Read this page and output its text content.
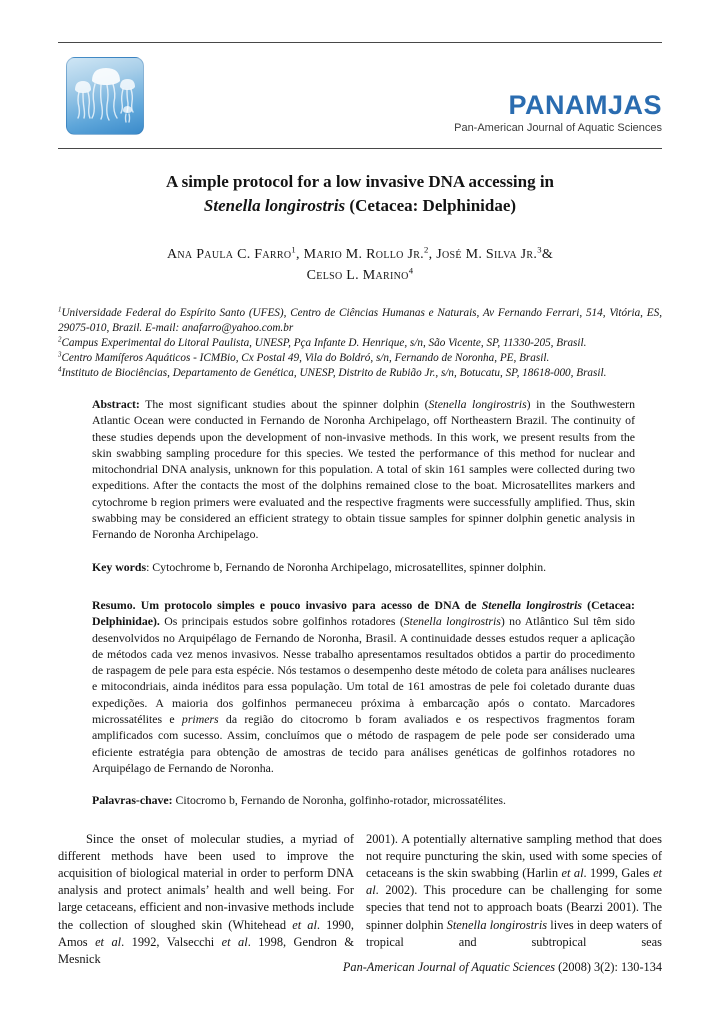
PANAMJAS
Pan-American Journal of Aquatic Sciences
A simple protocol for a low invasive DNA accessing in
Stenella longirostris (Cetacea: Delphinidae)
Ana Paula C. Farro$^1$, Mario M. Rollo Jr.$^2$, José M. Silva Jr.$^3$&
Celso L. Marino$^4$
$^1$Universidade Federal do Espírito Santo (UFES), Centro de Ciências Humanas e Naturais, Av Fernando Ferrari, 514, Vitória, ES, 29075-010, Brazil. E-mail: anafarro@yahoo.com.br
$^2$Campus Experimental do Litoral Paulista, UNESP, Pça Infante D. Henrique, s/n, São Vicente, SP, 11330-205, Brasil.
$^3$Centro Mamíferos Aquáticos - ICMBio, Cx Postal 49, Vila do Boldró, s/n, Fernando de Noronha, PE, Brasil.
$^4$Instituto de Biociências, Departamento de Genética, UNESP, Distrito de Rubião Jr., s/n, Botucatu, SP, 18618-000, Brasil.
Abstract: The most significant studies about the spinner dolphin (Stenella longirostris) in the Southwestern Atlantic Ocean were conducted in Fernando de Noronha Archipelago, off Northeastern Brazil. The continuity of these studies depends upon the development of non-invasive methods. In this work, we present results from the skin swabbing sampling procedure for this species. We tested the performance of this method for nuclear and mitochondrial DNA analysis, unknown for this population. A total of skin 161 samples were collected during two expeditions. After the contacts the most of the dolphins remained close to the boat. Microsatellites markers and cytochrome b region primers were evaluated and the respective fragments were successfully amplified. Thus, skin swabbing may be considered an efficient strategy to obtain tissue samples for spinner dolphin genetic analysis in Fernando de Noronha Archipelago.
Key words: Cytochrome b, Fernando de Noronha Archipelago, microsatellites, spinner dolphin.
Resumo. Um protocolo simples e pouco invasivo para acesso de DNA de Stenella longirostris (Cetacea: Delphinidae). Os principais estudos sobre golfinhos rotadores (Stenella longirostris) no Atlântico Sul têm sido desenvolvidos no Arquipélago de Fernando de Noronha, Brasil. A continuidade desses estudos requer a aplicação de métodos cada vez menos invasivos. Nesse trabalho apresentamos resultados obtidos a partir do procedimento de raspagem de pele para esta espécie. Nós testamos o desempenho deste método de coleta para análises nucleares e mitocondriais, ainda inéditos para essa população. Um total de 161 amostras de pele foi coletado durante duas expedições. A maioria dos golfinhos permaneceu próxima à embarcação após o contato. Marcadores microssatélites e primers da região do citocromo b foram avaliados e os respectivos fragmentos foram amplificados com sucesso. Assim, concluímos que o método de raspagem de pele pode ser considerado uma eficiente estratégia para obtenção de amostras de tecido para análises genéticas de golfinhos rotadores no Arquipélago de Fernando de Noronha.
Palavras-chave: Citocromo b, Fernando de Noronha, golfinho-rotador, microssatélites.

Since the onset of molecular studies, a myriad of different methods have been used to improve the acquisition of biological material in order to perform DNA analysis and protect animals’ health and well being. For large cetaceans, efficient and non-invasive methods include the collection of sloughed skin (Whitehead et al. 1990, Amos et al. 1992, Valsecchi et al. 1998, Gendron & Mesnick

2001). A potentially alternative sampling method that does not require puncturing the skin, used with some species of cetaceans is the skin swabbing (Harlin et al. 1999, Gales et al. 2002). This procedure can be challenging for some species that tend not to approach boats (Bearzi 2001). The spinner dolphin Stenella longirostris lives in deep waters of tropical and subtropical seas

Pan-American Journal of Aquatic Sciences (2008) 3(2): 130-134
